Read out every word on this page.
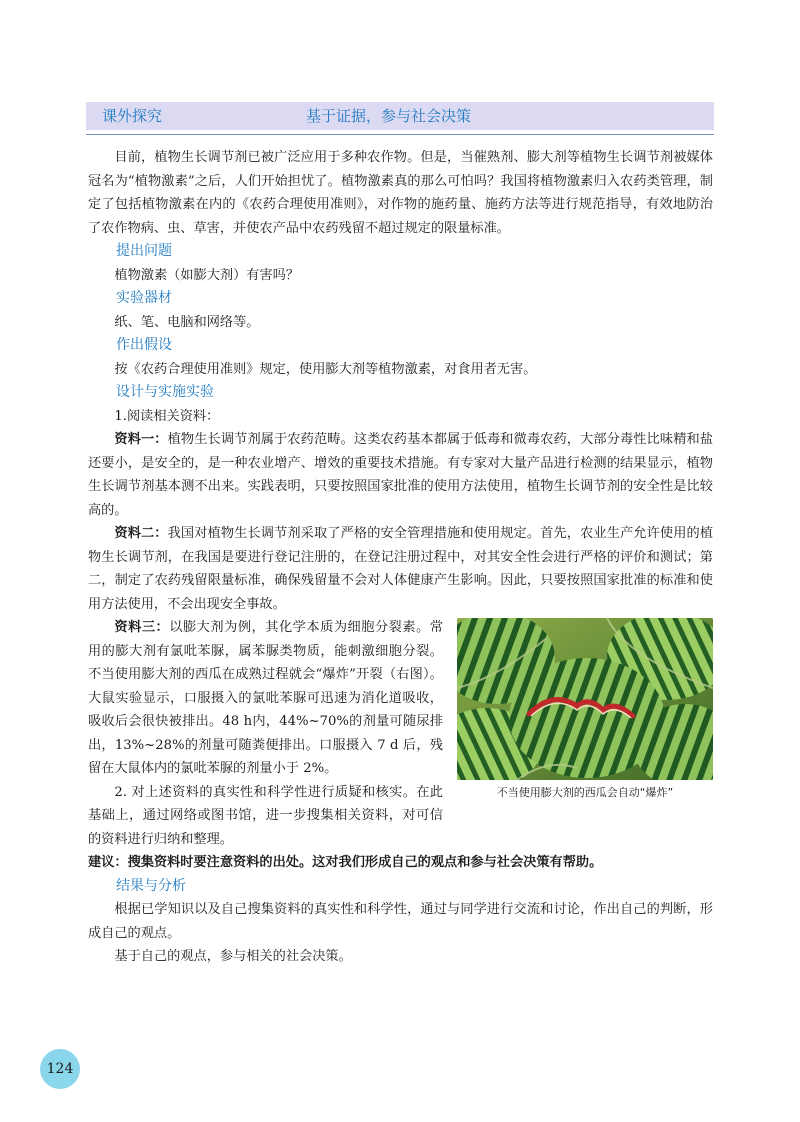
课外探究	基于证据，参与社会决策

目前，植物生长调节剂已被广泛应用于多种农作物。但是，当催熟剂、膨大剂等植物生长调节剂被媒体冠名为“植物激素”之后，人们开始担忧了。植物激素真的那么可怕吗？我国将植物激素归入农药类管理，制定了包括植物激素在内的《农药合理使用准则》，对作物的施药量、施药方法等进行规范指导，有效地防治了农作物病、虫、草害，并使农产品中农药残留不超过规定的限量标准。

提出问题

植物激素（如膨大剂）有害吗？

实验器材

纸、笔、电脑和网络等。

作出假设

按《农药合理使用准则》规定，使用膨大剂等植物激素，对食用者无害。

设计与实施实验

1.阅读相关资料：

资料一：植物生长调节剂属于农药范畴。这类农药基本都属于低毒和微毒农药，大部分毒性比味精和盐还要小，是安全的，是一种农业增产、增效的重要技术措施。有专家对大量产品进行检测的结果显示，植物生长调节剂基本测不出来。实践表明，只要按照国家批准的使用方法使用，植物生长调节剂的安全性是比较高的。

资料二：我国对植物生长调节剂采取了严格的安全管理措施和使用规定。首先，农业生产允许使用的植物生长调节剂，在我国是要进行登记注册的，在登记注册过程中，对其安全性会进行严格的评价和测试；第二，制定了农药残留限量标准，确保残留量不会对人体健康产生影响。因此，只要按照国家批准的标准和使用方法使用，不会出现安全事故。

不当使用膨大剂的西瓜会自动“爆炸”

资料三：以膨大剂为例，其化学本质为细胞分裂素。常用的膨大剂有氯吡苯脲，属苯脲类物质，能刺激细胞分裂。不当使用膨大剂的西瓜在成熟过程就会“爆炸”开裂（右图）。大鼠实验显示，口服摄入的氯吡苯脲可迅速为消化道吸收，吸收后会很快被排出。48 h内，44%~70%的剂量可随尿排出，13%~28%的剂量可随粪便排出。口服摄入 7 d 后，残留在大鼠体内的氯吡苯脲的剂量小于 2%。

2. 对上述资料的真实性和科学性进行质疑和核实。在此基础上，通过网络或图书馆，进一步搜集相关资料，对可信的资料进行归纳和整理。

建议：搜集资料时要注意资料的出处。这对我们形成自己的观点和参与社会决策有帮助。

结果与分析

根据已学知识以及自己搜集资料的真实性和科学性，通过与同学进行交流和讨论，作出自己的判断，形成自己的观点。

基于自己的观点，参与相关的社会决策。

124
